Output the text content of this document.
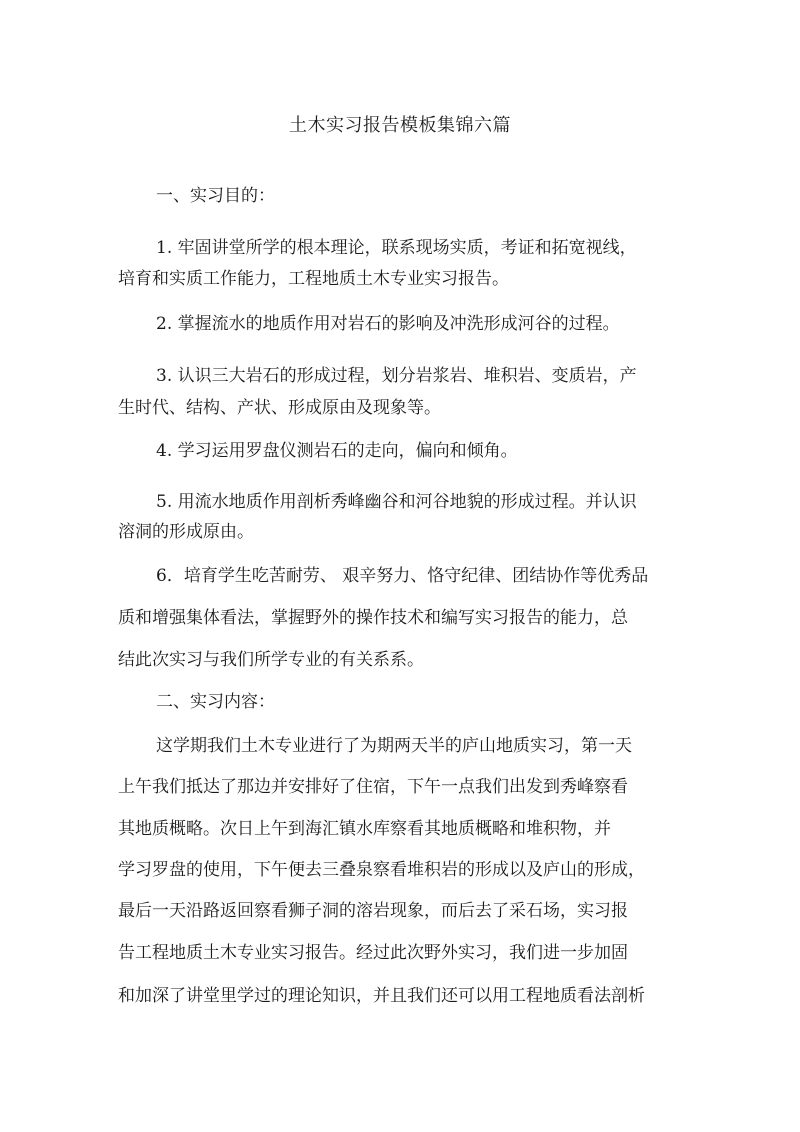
土木实习报告模板集锦六篇
一、实习目的：
1. 牢固讲堂所学的根本理论，联系现场实质，考证和拓宽视线，
培育和实质工作能力，工程地质土木专业实习报告。
2. 掌握流水的地质作用对岩石的影响及冲洗形成河谷的过程。
3. 认识三大岩石的形成过程，划分岩浆岩、堆积岩、变质岩，产
生时代、结构、产状、形成原由及现象等。
4. 学习运用罗盘仪测岩石的走向，偏向和倾角。
5. 用流水地质作用剖析秀峰幽谷和河谷地貌的形成过程。并认识
溶洞的形成原由。
6．培育学生吃苦耐劳、 艰辛努力、恪守纪律、团结协作等优秀品
质和增强集体看法，掌握野外的操作技术和编写实习报告的能力，总
结此次实习与我们所学专业的有关系系。
二、实习内容：
这学期我们土木专业进行了为期两天半的庐山地质实习，第一天
上午我们抵达了那边并安排好了住宿，下午一点我们出发到秀峰察看
其地质概略。次日上午到海汇镇水库察看其地质概略和堆积物，并
学习罗盘的使用，下午便去三叠泉察看堆积岩的形成以及庐山的形成，
最后一天沿路返回察看狮子洞的溶岩现象，而后去了采石场，实习报
告工程地质土木专业实习报告。经过此次野外实习，我们进一步加固
和加深了讲堂里学过的理论知识，并且我们还可以用工程地质看法剖析
